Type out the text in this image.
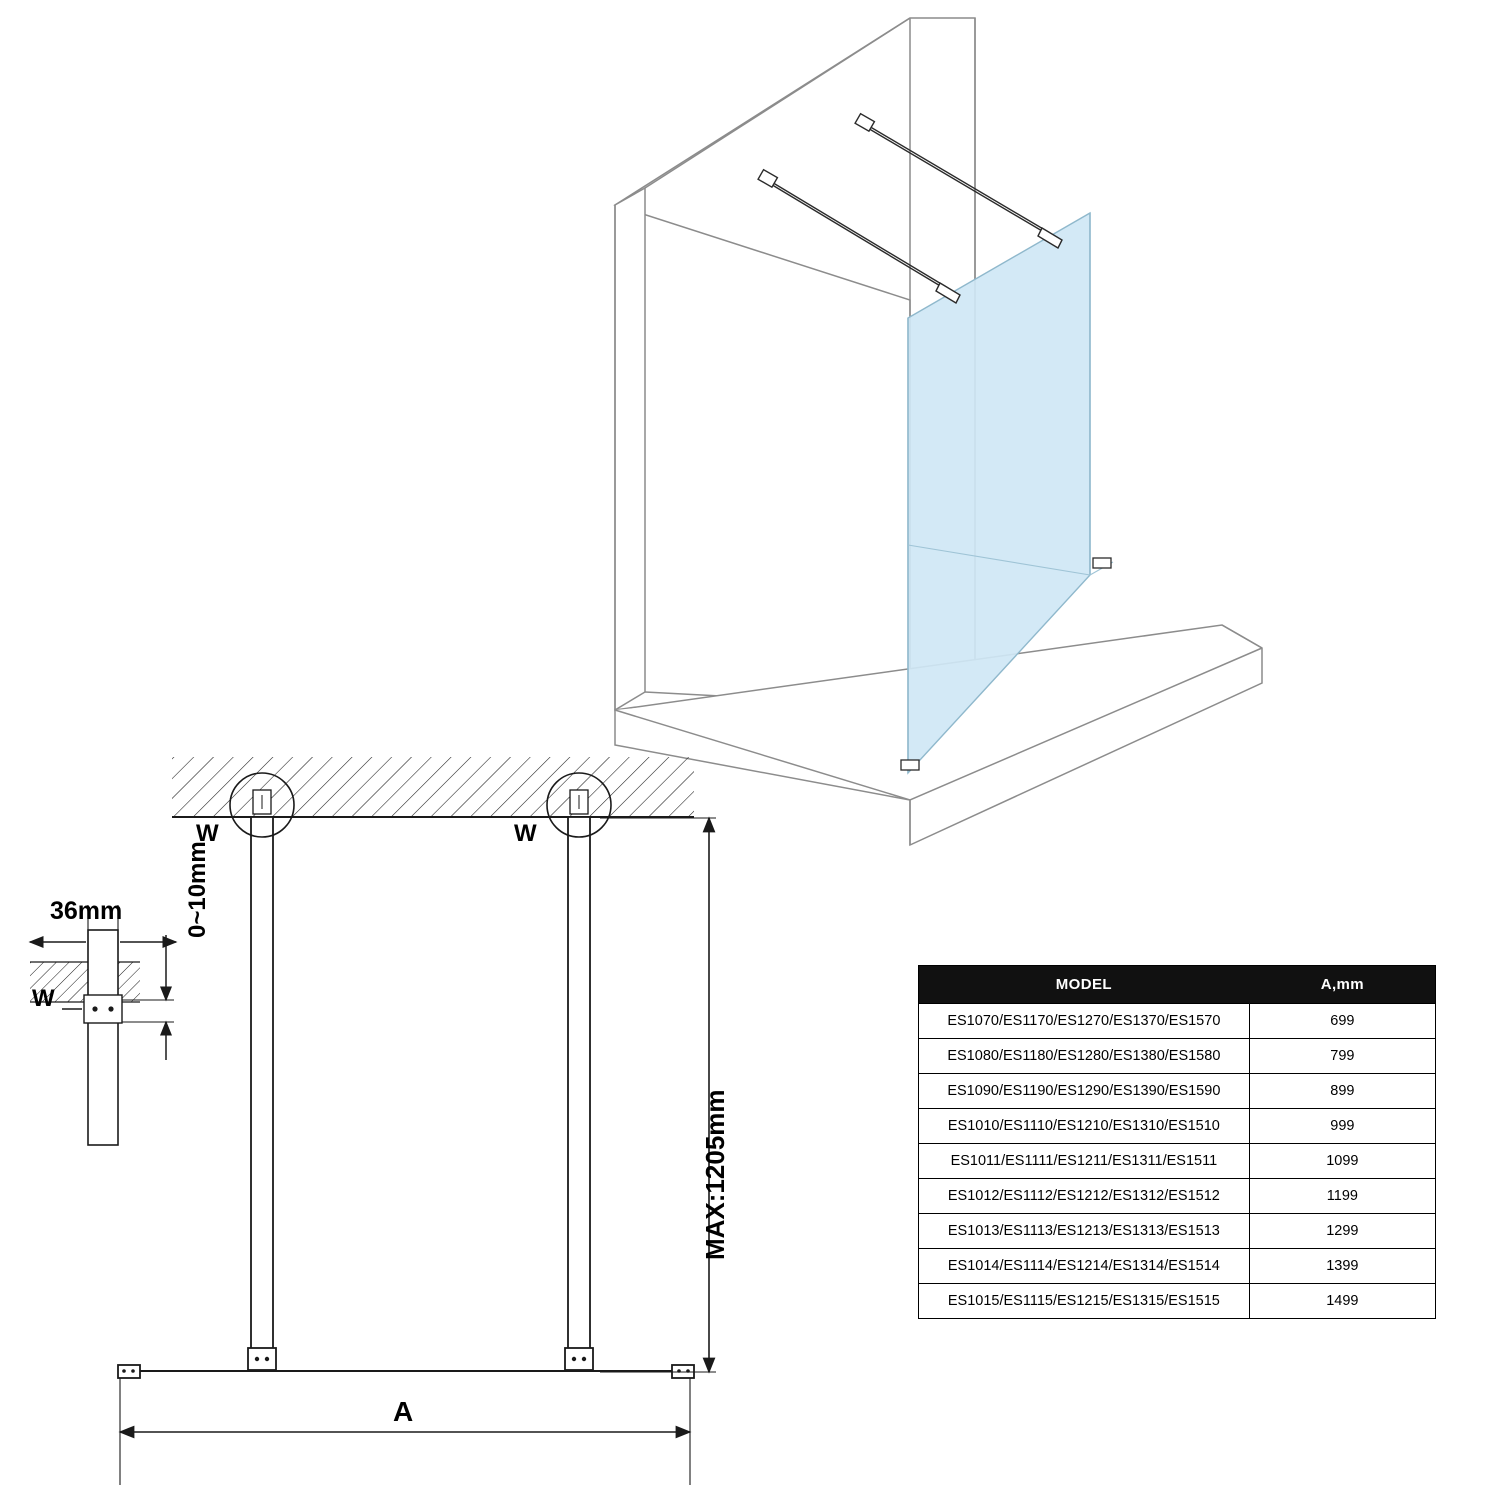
W	W
36mm	0~10mm
W
MAX:1205mm
A
MODEL	A,mm
ES1070/ES1170/ES1270/ES1370/ES1570	699
ES1080/ES1180/ES1280/ES1380/ES1580	799
ES1090/ES1190/ES1290/ES1390/ES1590	899
ES1010/ES1110/ES1210/ES1310/ES1510	999
ES1011/ES1111/ES1211/ES1311/ES1511	1099
ES1012/ES1112/ES1212/ES1312/ES1512	1199
ES1013/ES1113/ES1213/ES1313/ES1513	1299
ES1014/ES1114/ES1214/ES1314/ES1514	1399
ES1015/ES1115/ES1215/ES1315/ES1515	1499
